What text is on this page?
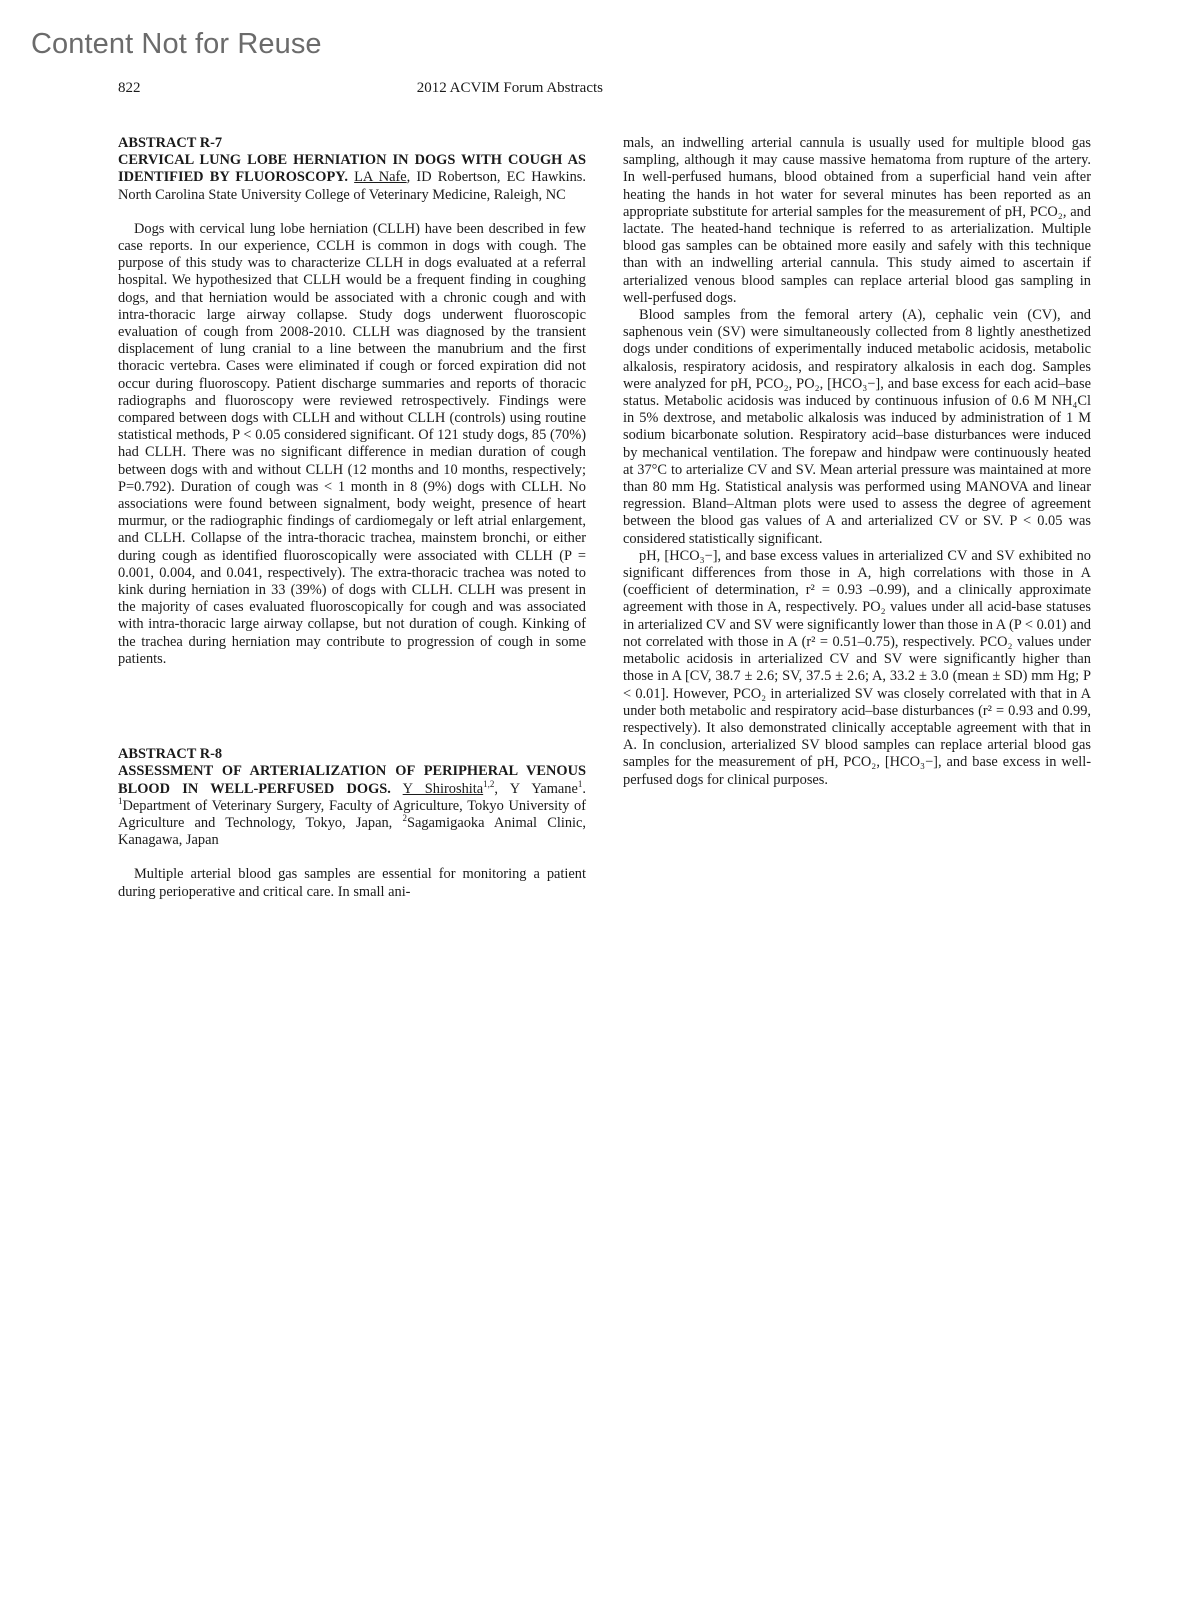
Content Not for Reuse
822	2012 ACVIM Forum Abstracts

ABSTRACT R-7
CERVICAL LUNG LOBE HERNIATION IN DOGS WITH COUGH AS IDENTIFIED BY FLUOROSCOPY. LA Nafe, ID Robertson, EC Hawkins. North Carolina State University College of Veterinary Medicine, Raleigh, NC

Dogs with cervical lung lobe herniation (CLLH) have been described in few case reports. In our experience, CCLH is common in dogs with cough. The purpose of this study was to characterize CLLH in dogs evaluated at a referral hospital. We hypothesized that CLLH would be a frequent finding in coughing dogs, and that herniation would be associated with a chronic cough and with intra-thoracic large airway collapse. Study dogs underwent fluoroscopic evaluation of cough from 2008-2010. CLLH was diagnosed by the transient displacement of lung cranial to a line between the manubrium and the first thoracic vertebra. Cases were eliminated if cough or forced expiration did not occur during fluoroscopy. Patient discharge summaries and reports of thoracic radiographs and fluoroscopy were reviewed retrospectively. Findings were compared between dogs with CLLH and without CLLH (controls) using routine statistical methods, P < 0.05 considered significant. Of 121 study dogs, 85 (70%) had CLLH. There was no significant difference in median duration of cough between dogs with and without CLLH (12 months and 10 months, respectively; P=0.792). Duration of cough was < 1 month in 8 (9%) dogs with CLLH. No associations were found between signalment, body weight, presence of heart murmur, or the radiographic findings of cardiomegaly or left atrial enlargement, and CLLH. Collapse of the intra-thoracic trachea, mainstem bronchi, or either during cough as identified fluoroscopically were associated with CLLH (P = 0.001, 0.004, and 0.041, respectively). The extra-thoracic trachea was noted to kink during herniation in 33 (39%) of dogs with CLLH. CLLH was present in the majority of cases evaluated fluoroscopically for cough and was associated with intra-thoracic large airway collapse, but not duration of cough. Kinking of the trachea during herniation may contribute to progression of cough in some patients.

ABSTRACT R-8
ASSESSMENT OF ARTERIALIZATION OF PERIPHERAL VENOUS BLOOD IN WELL-PERFUSED DOGS. Y Shiroshita$^{1,2}$, Y Yamane$^1$. $^1$Department of Veterinary Surgery, Faculty of Agriculture, Tokyo University of Agriculture and Technology, Tokyo, Japan, $^2$Sagamigaoka Animal Clinic, Kanagawa, Japan

Multiple arterial blood gas samples are essential for monitoring a patient during perioperative and critical care. In small ani-

mals, an indwelling arterial cannula is usually used for multiple blood gas sampling, although it may cause massive hematoma from rupture of the artery. In well-perfused humans, blood obtained from a superficial hand vein after heating the hands in hot water for several minutes has been reported as an appropriate substitute for arterial samples for the measurement of pH, PCO₂, and lactate. The heated-hand technique is referred to as arterialization. Multiple blood gas samples can be obtained more easily and safely with this technique than with an indwelling arterial cannula. This study aimed to ascertain if arterialized venous blood samples can replace arterial blood gas sampling in well-perfused dogs.

Blood samples from the femoral artery (A), cephalic vein (CV), and saphenous vein (SV) were simultaneously collected from 8 lightly anesthetized dogs under conditions of experimentally induced metabolic acidosis, metabolic alkalosis, respiratory acidosis, and respiratory alkalosis in each dog. Samples were analyzed for pH, PCO₂, PO₂, [HCO₃−], and base excess for each acid–base status. Metabolic acidosis was induced by continuous infusion of 0.6 M NH₄Cl in 5% dextrose, and metabolic alkalosis was induced by administration of 1 M sodium bicarbonate solution. Respiratory acid–base disturbances were induced by mechanical ventilation. The forepaw and hindpaw were continuously heated at 37°C to arterialize CV and SV. Mean arterial pressure was maintained at more than 80 mm Hg. Statistical analysis was performed using MANOVA and linear regression. Bland–Altman plots were used to assess the degree of agreement between the blood gas values of A and arterialized CV or SV. P < 0.05 was considered statistically significant.

pH, [HCO₃−], and base excess values in arterialized CV and SV exhibited no significant differences from those in A, high correlations with those in A (coefficient of determination, r² = 0.93 –0.99), and a clinically approximate agreement with those in A, respectively. PO₂ values under all acid-base statuses in arterialized CV and SV were significantly lower than those in A (P < 0.01) and not correlated with those in A (r² = 0.51–0.75), respectively. PCO₂ values under metabolic acidosis in arterialized CV and SV were significantly higher than those in A [CV, 38.7 ± 2.6; SV, 37.5 ± 2.6; A, 33.2 ± 3.0 (mean ± SD) mm Hg; P < 0.01]. However, PCO₂ in arterialized SV was closely correlated with that in A under both metabolic and respiratory acid–base disturbances (r² = 0.93 and 0.99, respectively). It also demonstrated clinically acceptable agreement with that in A. In conclusion, arterialized SV blood samples can replace arterial blood gas samples for the measurement of pH, PCO₂, [HCO₃−], and base excess in well-perfused dogs for clinical purposes.
